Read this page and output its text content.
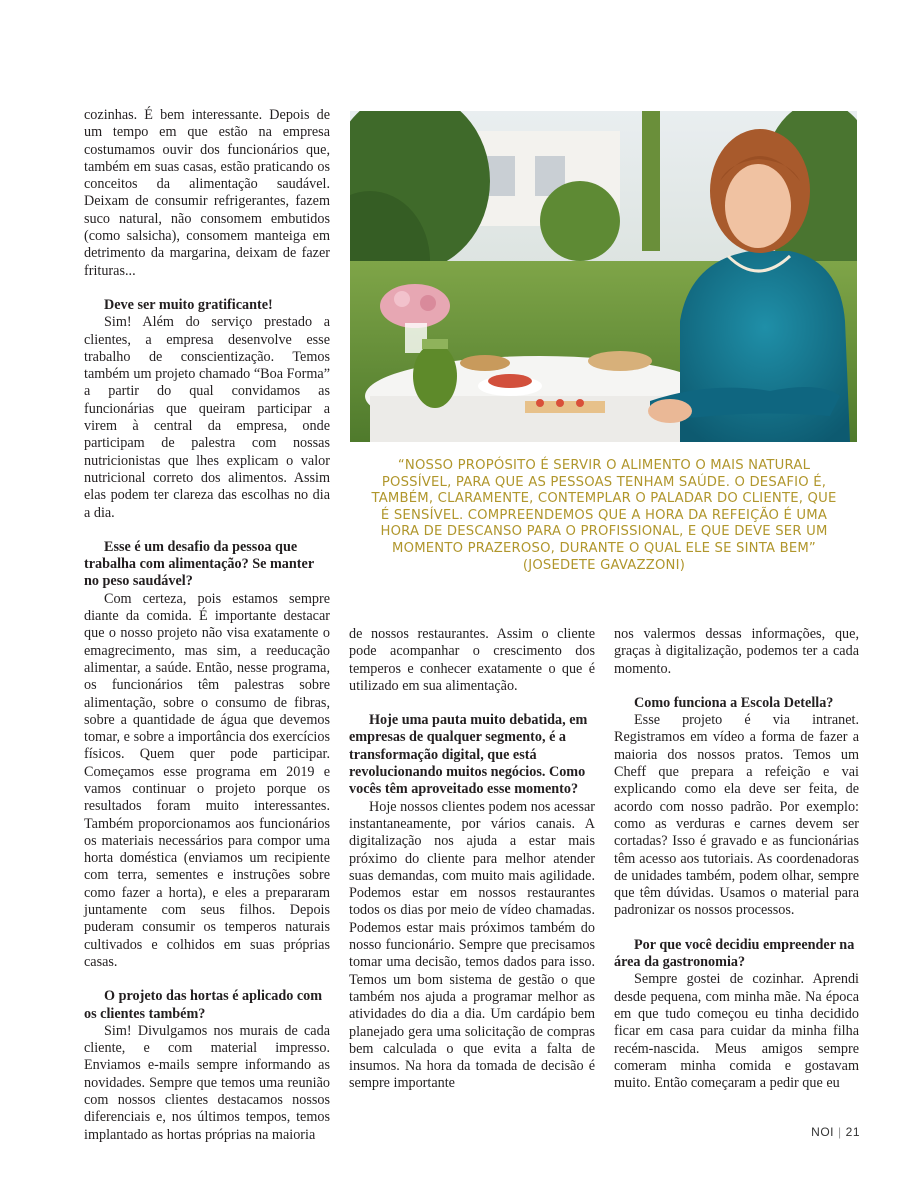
cozinhas. É bem interessante. Depois de um tempo em que estão na empresa costumamos ouvir dos funcionários que, também em suas casas, estão praticando os conceitos da alimentação saudável. Deixam de consumir refrigerantes, fazem suco natural, não consomem embutidos (como salsicha), consomem manteiga em detrimento da margarina, deixam de fazer frituras...

Deve ser muito gratificante!

Sim! Além do serviço prestado a clientes, a empresa desenvolve esse trabalho de conscientização. Temos também um projeto chamado “Boa Forma” a partir do qual convidamos as funcionárias que queiram participar a virem à central da empresa, onde participam de palestra com nossas nutricionistas que lhes explicam o valor nutricional correto dos alimentos. Assim elas podem ter clareza das escolhas no dia a dia.

Esse é um desafio da pessoa que trabalha com alimentação? Se manter no peso saudável?

Com certeza, pois estamos sempre diante da comida. É importante destacar que o nosso projeto não visa exatamente o emagrecimento, mas sim, a reeducação alimentar, a saúde. Então, nesse programa, os funcionários têm palestras sobre alimentação, sobre o consumo de fibras, sobre a quantidade de água que devemos tomar, e sobre a importância dos exercícios físicos. Quem quer pode participar. Começamos esse programa em 2019 e vamos continuar o projeto porque os resultados foram muito interessantes. Também proporcionamos aos funcionários os materiais necessários para compor uma horta doméstica (enviamos um recipiente com terra, sementes e instruções sobre como fazer a horta), e eles a prepararam juntamente com seus filhos. Depois puderam consumir os temperos naturais cultivados e colhidos em suas próprias casas.

O projeto das hortas é aplicado com os clientes também?

Sim! Divulgamos nos murais de cada cliente, e com material impresso. Enviamos e-mails sempre informando as novidades. Sempre que temos uma reunião com nossos clientes destacamos nossos diferenciais e, nos últimos tempos, temos implantado as hortas próprias na maioria

“NOSSO PROPÓSITO É SERVIR O ALIMENTO O MAIS NATURAL POSSÍVEL, PARA QUE AS PESSOAS TENHAM SAÚDE. O DESAFIO É, TAMBÉM, CLARAMENTE, CONTEMPLAR O PALADAR DO CLIENTE, QUE É SENSÍVEL. COMPREENDEMOS QUE A HORA DA REFEIÇÃO É UMA HORA DE DESCANSO PARA O PROFISSIONAL, E QUE DEVE SER UM MOMENTO PRAZEROSO, DURANTE O QUAL ELE SE SINTA BEM” (JOSEDETE GAVAZZONI)

de nossos restaurantes. Assim o cliente pode acompanhar o crescimento dos temperos e conhecer exatamente o que é utilizado em sua alimentação.

Hoje uma pauta muito debatida, em empresas de qualquer segmento, é a transformação digital, que está revolucionando muitos negócios. Como vocês têm aproveitado esse momento?

Hoje nossos clientes podem nos acessar instantaneamente, por vários canais. A digitalização nos ajuda a estar mais próximo do cliente para melhor atender suas demandas, com muito mais agilidade. Podemos estar em nossos restaurantes todos os dias por meio de vídeo chamadas. Podemos estar mais próximos também do nosso funcionário. Sempre que precisamos tomar uma decisão, temos dados para isso. Temos um bom sistema de gestão o que também nos ajuda a programar melhor as atividades do dia a dia. Um cardápio bem planejado gera uma solicitação de compras bem calculada o que evita a falta de insumos. Na hora da tomada de decisão é sempre importante

nos valermos dessas informações, que, graças à digitalização, podemos ter a cada momento.

Como funciona a Escola Detella?

Esse projeto é via intranet. Registramos em vídeo a forma de fazer a maioria dos nossos pratos. Temos um Cheff que prepara a refeição e vai explicando como ela deve ser feita, de acordo com nosso padrão. Por exemplo: como as verduras e carnes devem ser cortadas? Isso é gravado e as funcionárias têm acesso aos tutoriais. As coordenadoras de unidades também, podem olhar, sempre que têm dúvidas. Usamos o material para padronizar os nossos processos.

Por que você decidiu empreender na área da gastronomia?

Sempre gostei de cozinhar. Aprendi desde pequena, com minha mãe. Na época em que tudo começou eu tinha decidido ficar em casa para cuidar da minha filha recém-nascida. Meus amigos sempre comeram minha comida e gostavam muito. Então começaram a pedir que eu

NOI | 21
